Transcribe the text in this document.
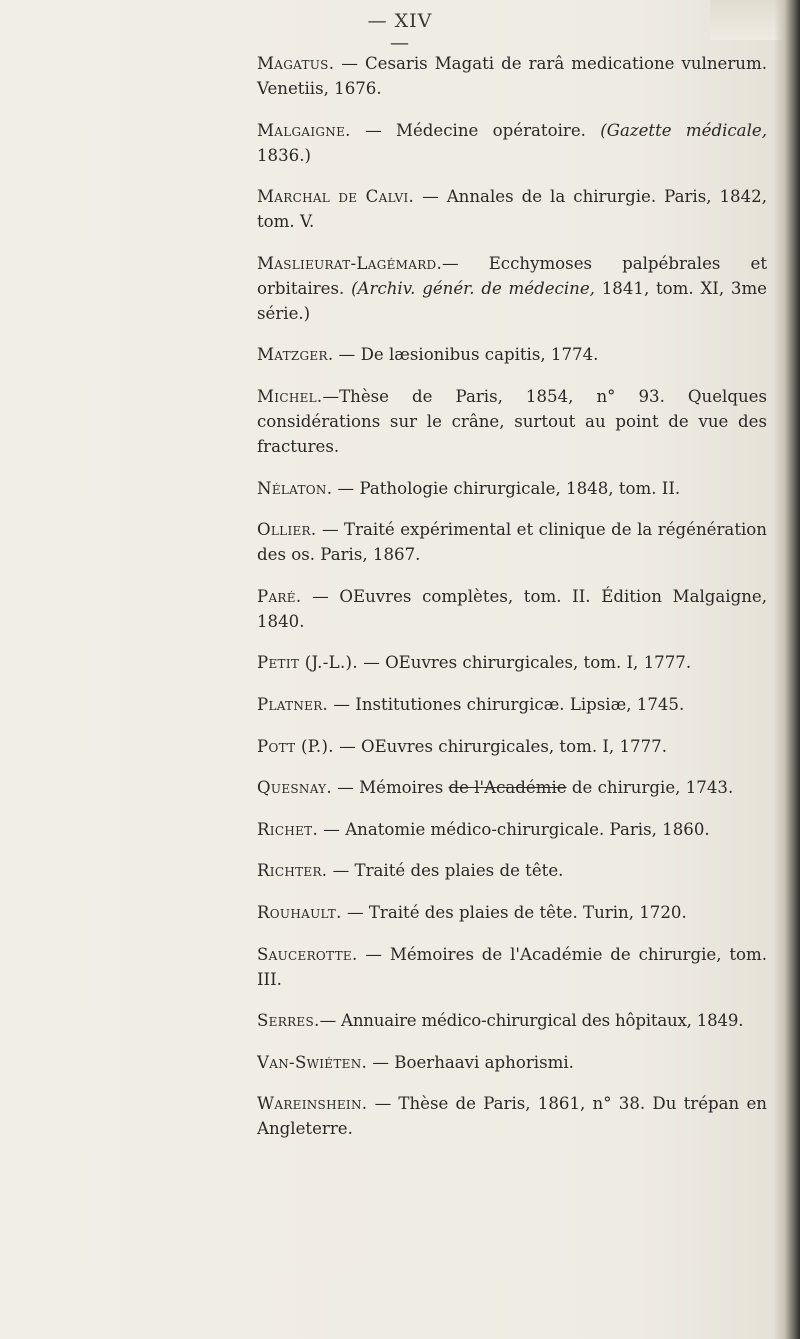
— XIV —

Magatus. — Cesaris Magati de rarâ medicatione vulnerum. Venetiis, 1676.

Malgaigne. — Médecine opératoire. (Gazette médicale, 1836.)

Marchal de Calvi. — Annales de la chirurgie. Paris, 1842, tom. V.

Maslieurat-Lagémard.— Ecchymoses palpébrales et orbitaires. (Archiv. génér. de médecine, 1841, tom. XI, 3me série.)

Matzger. — De læsionibus capitis, 1774.

Michel.—Thèse de Paris, 1854, n° 93. Quelques considérations sur le crâne, surtout au point de vue des fractures.

Nélaton. — Pathologie chirurgicale, 1848, tom. II.

Ollier. — Traité expérimental et clinique de la régénération des os. Paris, 1867.

Paré. — OEuvres complètes, tom. II. Édition Malgaigne, 1840.

Petit (J.-L.). — OEuvres chirurgicales, tom. I, 1777.

Platner. — Institutiones chirurgicæ. Lipsiæ, 1745.

Pott (P.). — OEuvres chirurgicales, tom. I, 1777.

Quesnay. — Mémoires de l'Académie de chirurgie, 1743.

Richet. — Anatomie médico-chirurgicale. Paris, 1860.

Richter. — Traité des plaies de tête.

Rouhault. — Traité des plaies de tête. Turin, 1720.

Saucerotte. — Mémoires de l'Académie de chirurgie, tom. III.

Serres.— Annuaire médico-chirurgical des hôpitaux, 1849.

Van-Swiéten. — Boerhaavi aphorismi.

Wareinshein. — Thèse de Paris, 1861, n° 38. Du trépan en Angleterre.
